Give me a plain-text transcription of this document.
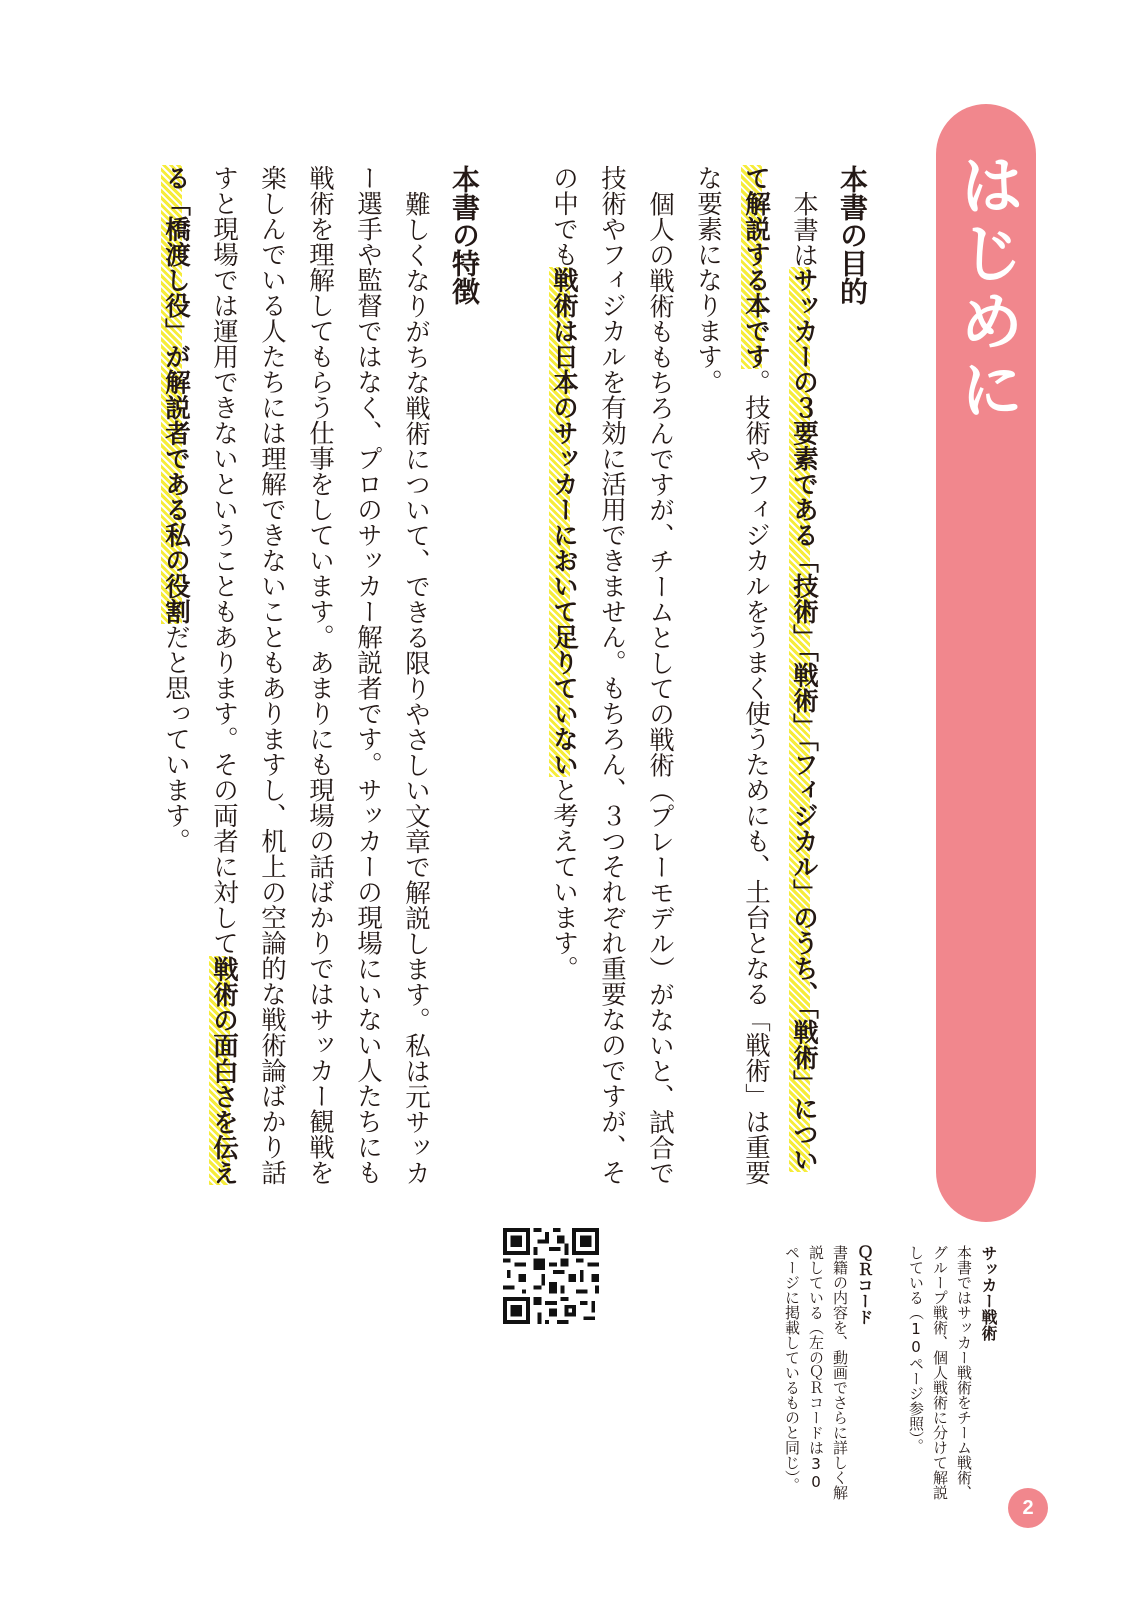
はじめに
本書の目的

本書はサッカーの３要素である「技術」「戦術」「フィジカル」のうち、「戦術」について解説する本です。技術やフィジカルをうまく使うためにも、土台となる「戦術」は重要な要素になります。

個人の戦術ももちろんですが、チームとしての戦術（プレーモデル）がないと、試合で技術やフィジカルを有効に活用できません。もちろん、３つそれぞれ重要なのですが、その中でも戦術は日本のサッカーにおいて足りていないと考えています。

本書の特徴

難しくなりがちな戦術について、できる限りやさしい文章で解説します。私は元サッカー選手や監督ではなく、プロのサッカー解説者です。サッカーの現場にいない人たちにも戦術を理解してもらう仕事をしています。あまりにも現場の話ばかりではサッカー観戦を楽しんでいる人たちには理解できないこともありますし、机上の空論的な戦術論ばかり話すと現場では運用できないということもあります。その両者に対して戦術の面白さを伝える「橋渡し役」が解説者である私の役割だと思っています。

サッカー戦術

本書ではサッカー戦術をチーム戦術、グループ戦術、個人戦術に分けて解説している（10ページ参照）。

ＱＲコード

書籍の内容を、動画でさらに詳しく解説している（左のＱＲコードは30ページに掲載しているものと同じ）。

2
